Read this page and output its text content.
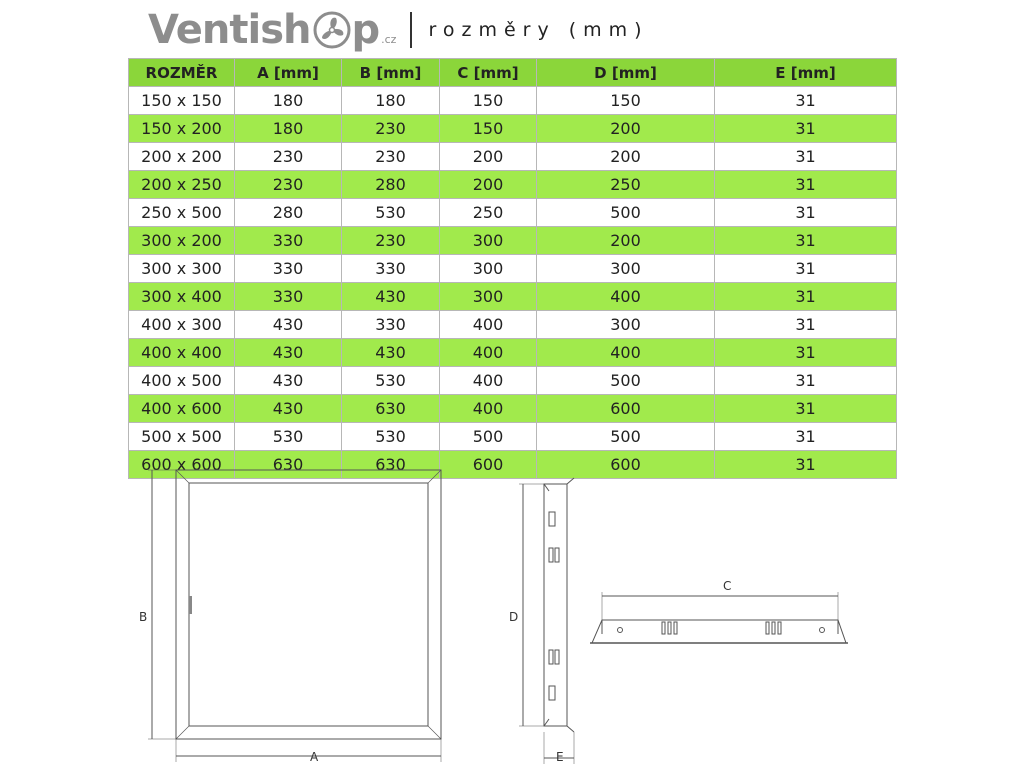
Ventish p .cz rozměry (mm)
ROZMĚR	A [mm]	B [mm]	C [mm]	D [mm]	E [mm]
150 x 150	180	180	150	150	31
150 x 200	180	230	150	200	31
200 x 200	230	230	200	200	31
200 x 250	230	280	200	250	31
250 x 500	280	530	250	500	31
300 x 200	330	230	300	200	31
300 x 300	330	330	300	300	31
300 x 400	330	430	300	400	31
400 x 300	430	330	400	300	31
400 x 400	430	430	400	400	31
400 x 500	430	530	400	500	31
400 x 600	430	630	400	600	31
500 x 500	530	530	500	500	31
600 x 600	630	630	600	600	31
B
A
D
E
C
